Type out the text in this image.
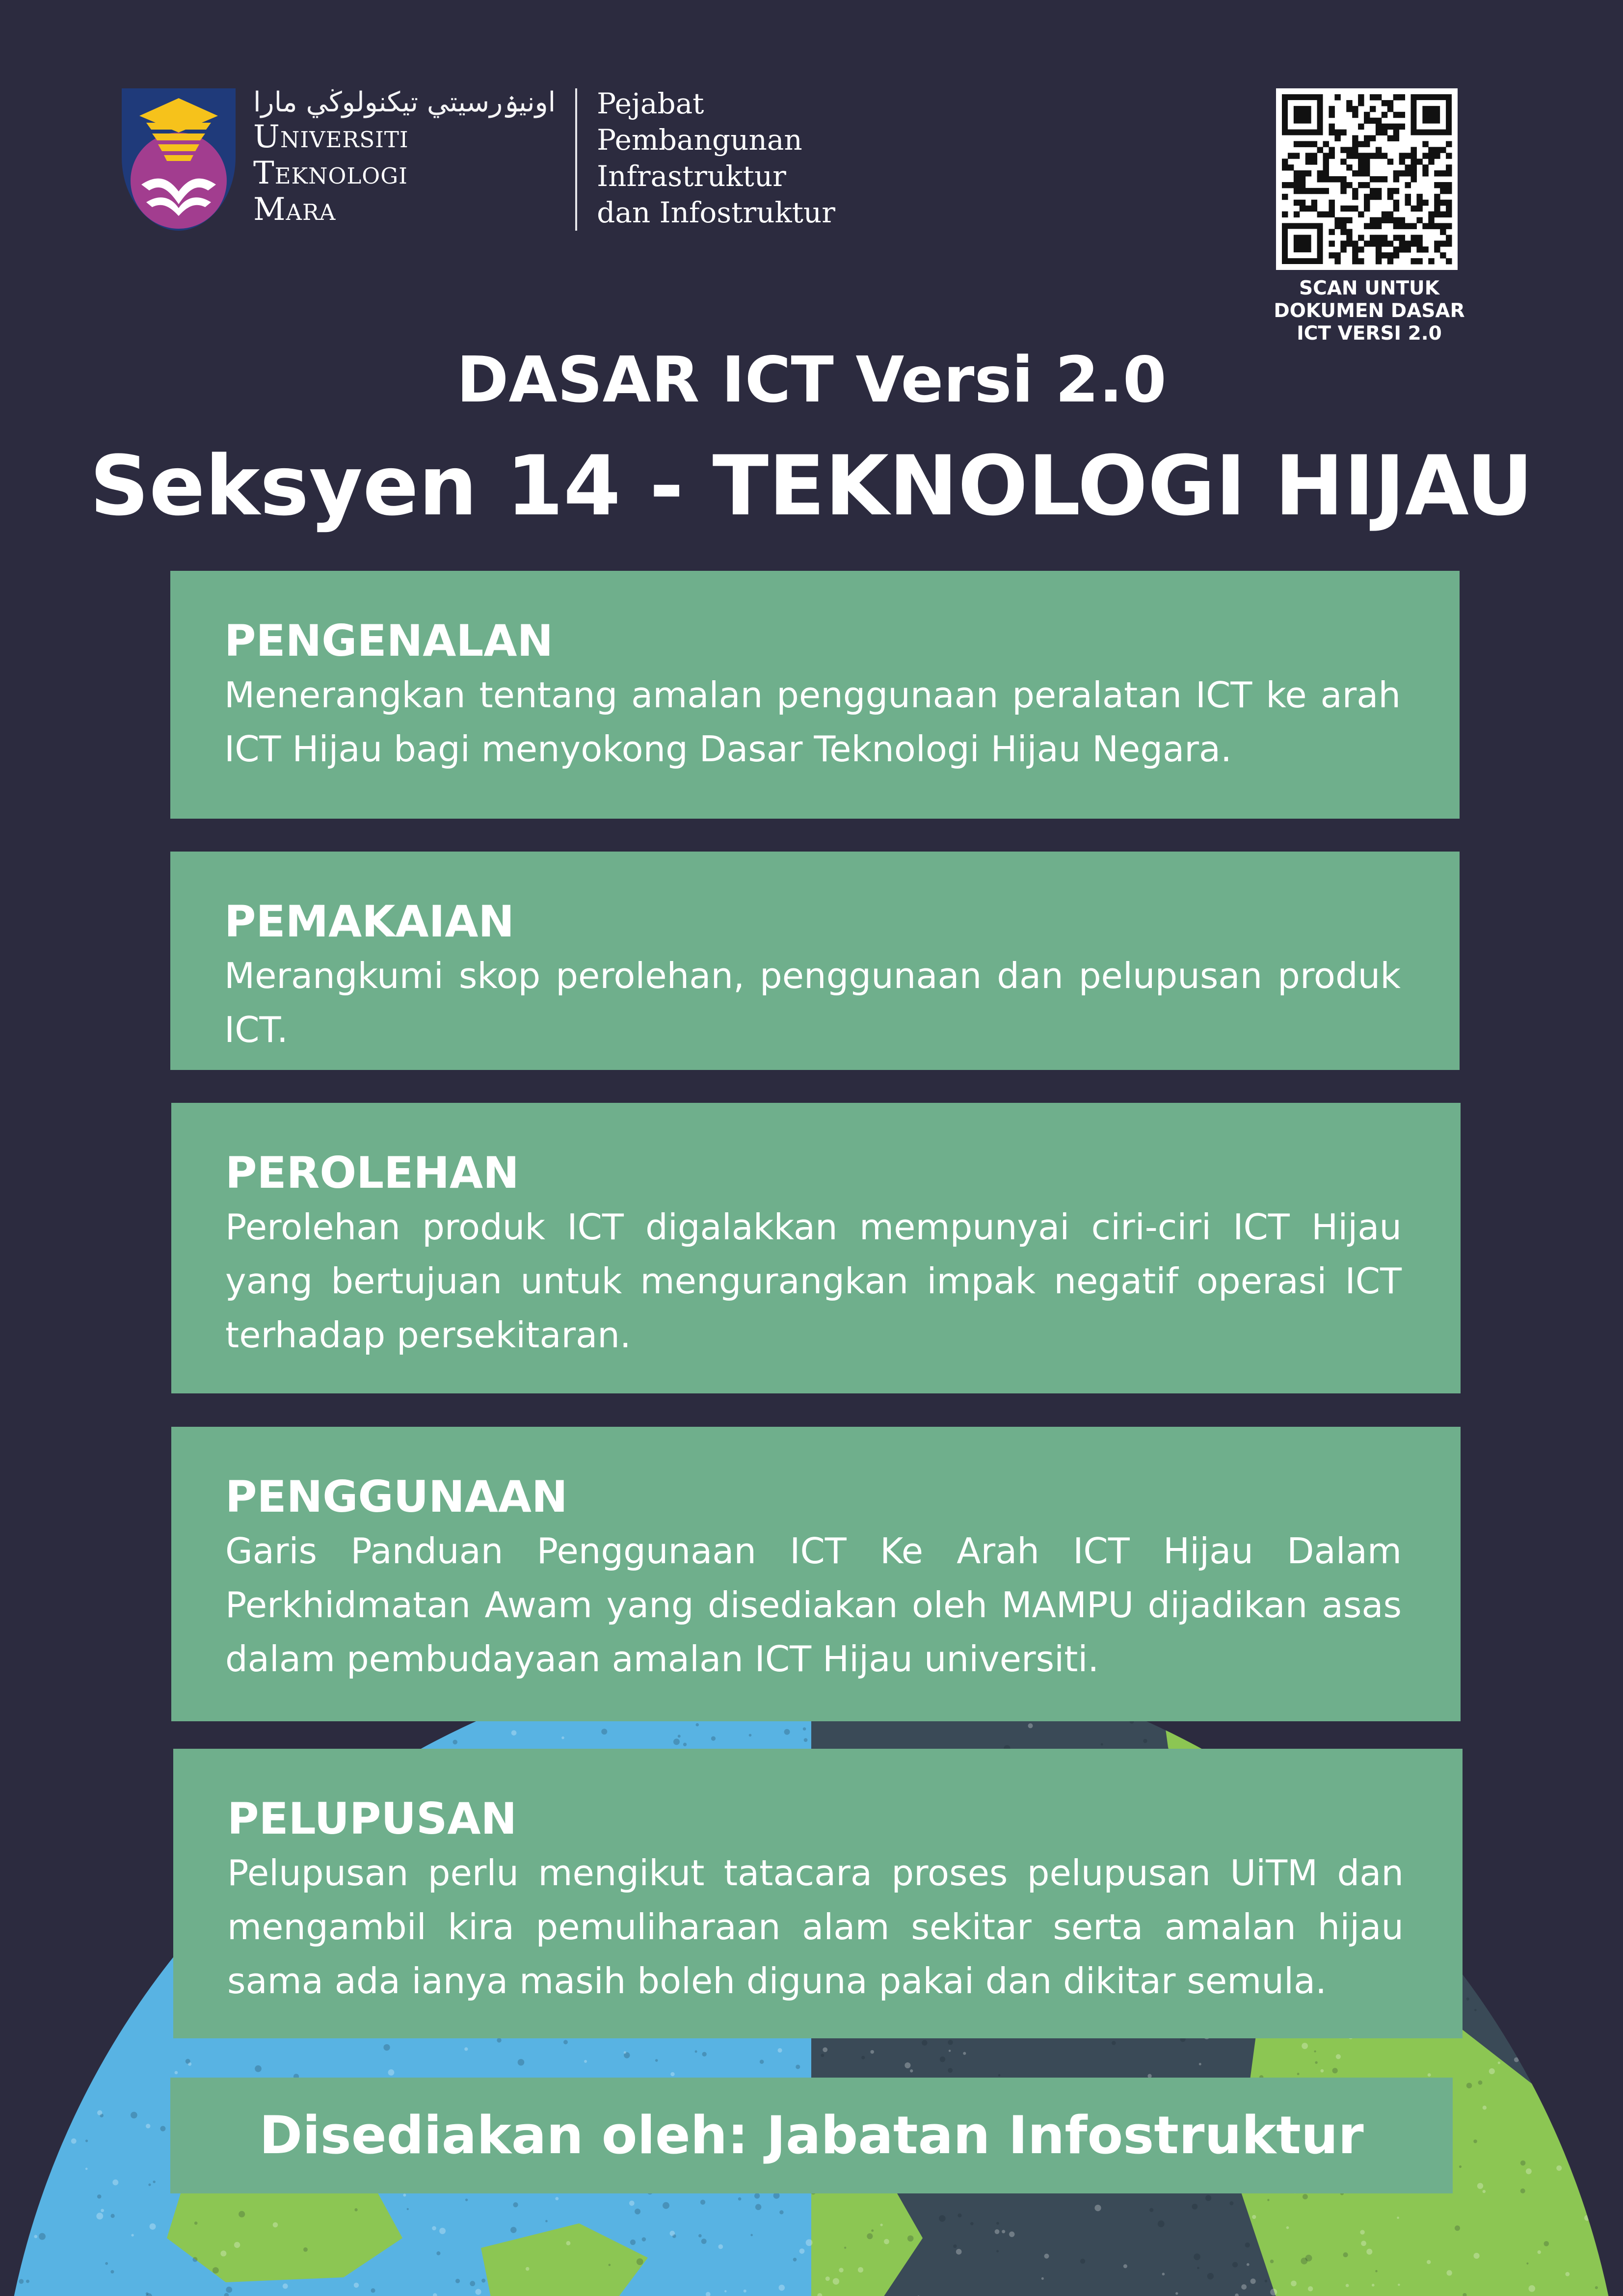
اونيۏرسيتي تيكنولوڬي مارا
Universiti
Teknologi
Mara
Pejabat
Pembangunan
Infrastruktur
dan Infostruktur
SCAN UNTUK DOKUMEN DASAR ICT VERSI 2.0
DASAR ICT Versi 2.0
Seksyen 14 - TEKNOLOGI HIJAU
PENGENALAN

Menerangkan tentang amalan penggunaan peralatan ICT ke arah ICT Hijau bagi menyokong Dasar Teknologi Hijau Negara.

PEMAKAIAN

Merangkumi skop perolehan, penggunaan dan pelupusan produk ICT.

PEROLEHAN

Perolehan produk ICT digalakkan mempunyai ciri-ciri ICT Hijau yang bertujuan untuk mengurangkan impak negatif operasi ICT terhadap persekitaran.

PENGGUNAAN

Garis Panduan Penggunaan ICT Ke Arah ICT Hijau Dalam Perkhidmatan Awam yang disediakan oleh MAMPU dijadikan asas dalam pembudayaan amalan ICT Hijau universiti.

PELUPUSAN

Pelupusan perlu mengikut tatacara proses pelupusan UiTM dan mengambil kira pemuliharaan alam sekitar serta amalan hijau sama ada ianya masih boleh diguna pakai dan dikitar semula.

Disediakan oleh: Jabatan Infostruktur
